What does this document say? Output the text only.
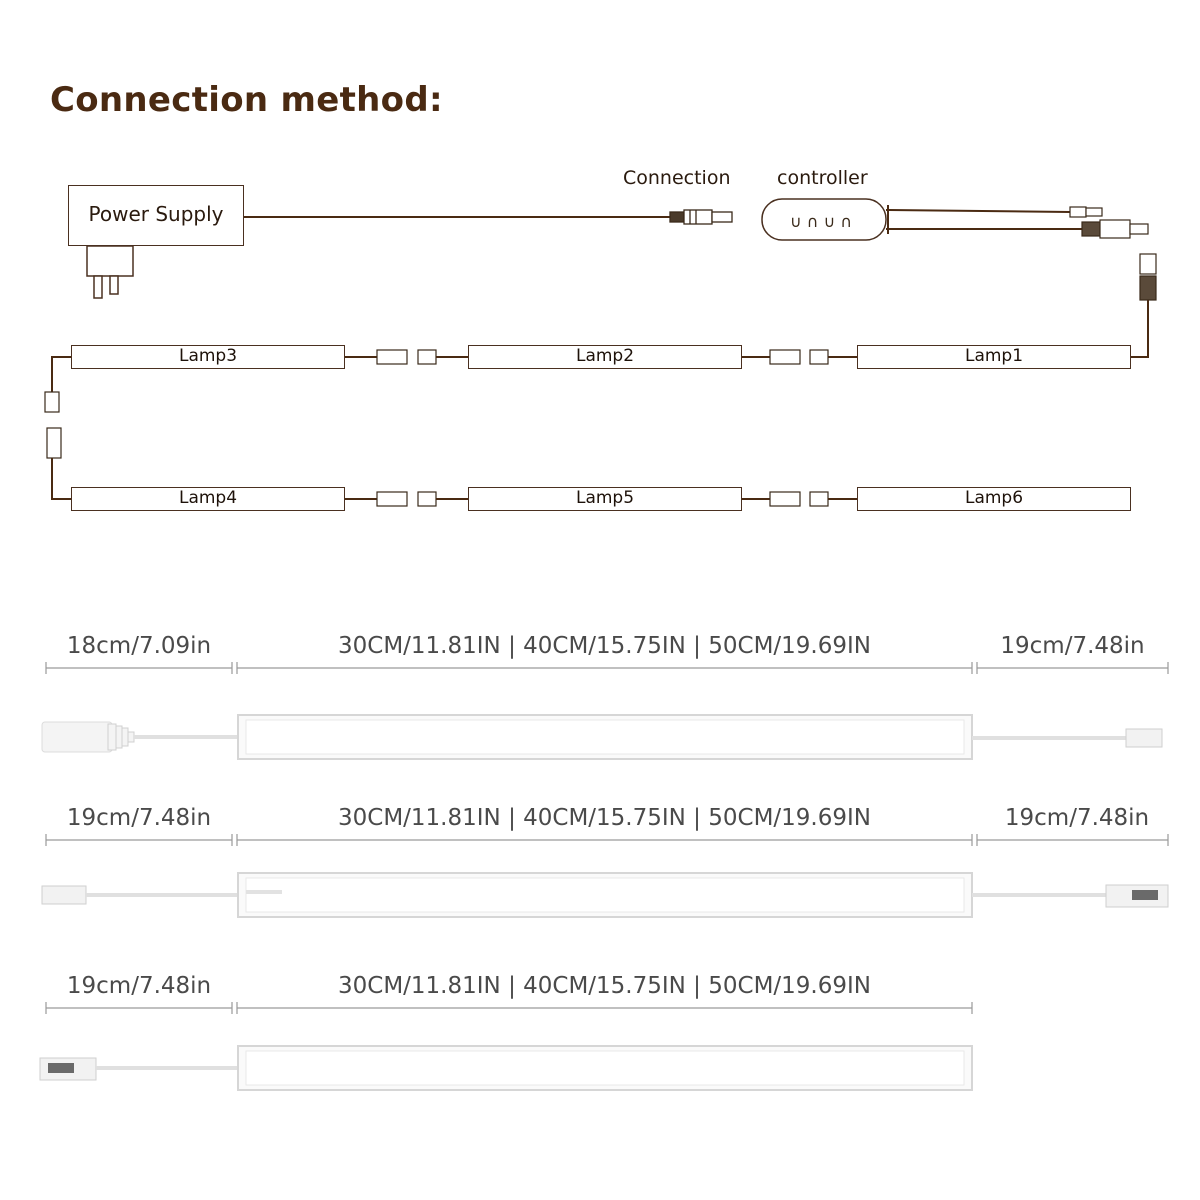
Connection method:
∪ ∩ ∪ ∩
Power Supply
Connection controller
Lamp3	Lamp2	Lamp1
Lamp4	Lamp5	Lamp6
18cm/7.09in	30CM/11.81IN | 40CM/15.75IN | 50CM/19.69IN	19cm/7.48in
19cm/7.48in	30CM/11.81IN | 40CM/15.75IN | 50CM/19.69IN	19cm/7.48in
19cm/7.48in	30CM/11.81IN | 40CM/15.75IN | 50CM/19.69IN
